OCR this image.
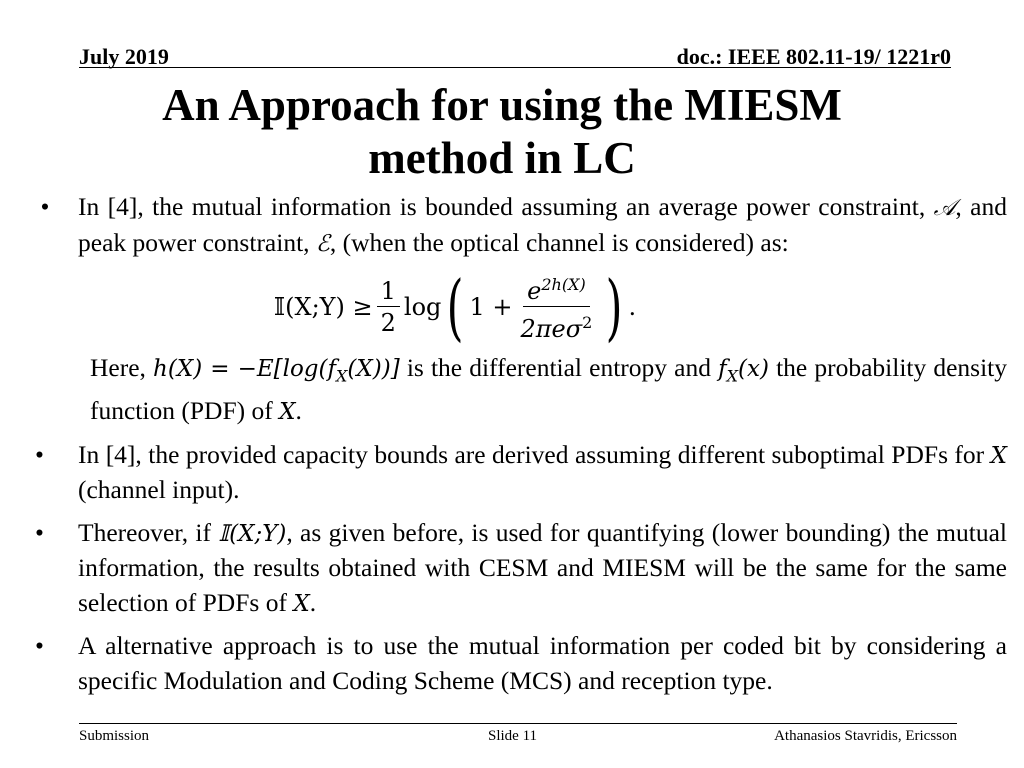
July 2019	doc.: IEEE 802.11-19/ 1221r0
An Approach for using the MIESM
method in LC
• In [4], the mutual information is bounded assuming an average power constraint, 𝒜, and peak power constraint, ℰ, (when the optical channel is considered) as:
𝕀(X;Y) ≥ $\frac{1}{2}$ log ( $1 + \frac{e^{2h(X)}}{2\pi e\sigma^2}$ ) .
Here, $h(X) = -E[\log(f_X(X))]$ is the differential entropy and $f_X(x)$ the probability density function (PDF) of X.
•	In [4], the provided capacity bounds are derived assuming different suboptimal PDFs for X (channel input).
•	Thereover, if 𝕀(X;Y), as given before, is used for quantifying (lower bounding) the mutual information, the results obtained with CESM and MIESM will be the same for the same selection of PDFs of X.
•	A alternative approach is to use the mutual information per coded bit by considering a specific Modulation and Coding Scheme (MCS) and reception type.
Submission	Slide 11	Athanasios Stavridis, Ericsson
